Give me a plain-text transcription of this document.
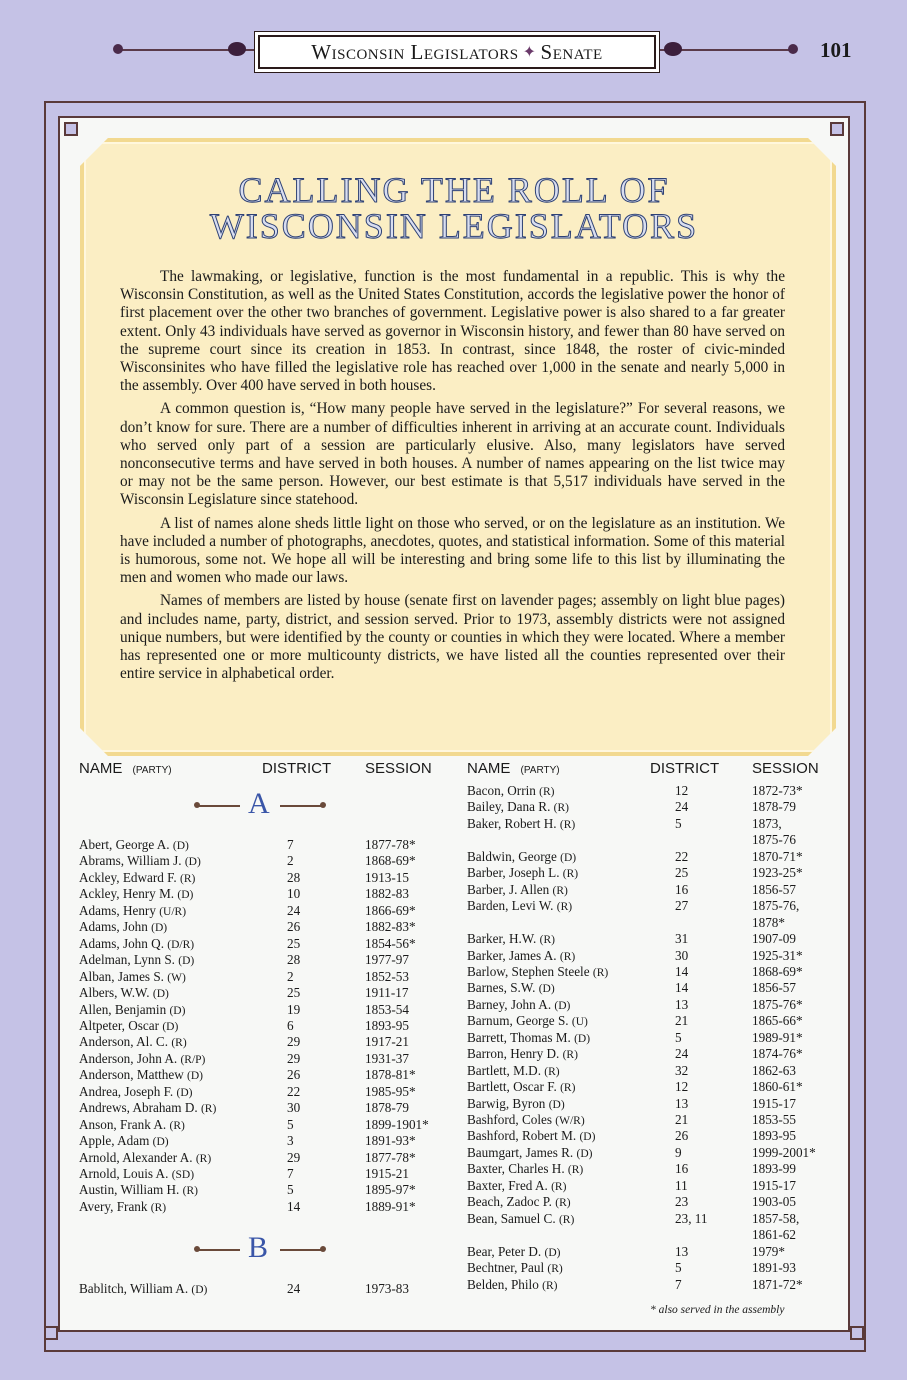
Wisconsin Legislators ✦ Senate	101
CALLING THE ROLL OF
WISCONSIN LEGISLATORS

The lawmaking, or legislative, function is the most fundamental in a republic. This is why the Wisconsin Constitution, as well as the United States Constitution, accords the legislative power the honor of first placement over the other two branches of government. Legislative power is also shared to a far greater extent. Only 43 individuals have served as governor in Wisconsin history, and fewer than 80 have served on the supreme court since its creation in 1853. In contrast, since 1848, the roster of civic-minded Wisconsinites who have filled the legislative role has reached over 1,000 in the senate and nearly 5,000 in the assembly. Over 400 have served in both houses.

A common question is, “How many people have served in the legislature?” For several reasons, we don’t know for sure. There are a number of difficulties inherent in arriving at an accurate count. Individuals who served only part of a session are particularly elusive. Also, many legislators have served nonconsecutive terms and have served in both houses. A number of names appearing on the list twice may or may not be the same person. However, our best estimate is that 5,517 individuals have served in the Wisconsin Legislature since statehood.

A list of names alone sheds little light on those who served, or on the legislature as an institution. We have included a number of photographs, anecdotes, quotes, and statistical information. Some of this material is humorous, some not. We hope all will be interesting and bring some life to this list by illuminating the men and women who made our laws.

Names of members are listed by house (senate first on lavender pages; assembly on light blue pages) and includes name, party, district, and session served. Prior to 1973, assembly districts were not assigned unique numbers, but were identified by the county or counties in which they were located. Where a member has represented one or more multicounty districts, we have listed all the counties represented over their entire service in alphabetical order.

NAME (PARTY)	DISTRICT SESSION NAME (PARTY)	DISTRICT SESSION
A
B
Abert, George A. (D)	7	1877-78*
Abrams, William J. (D)	2	1868-69*
Ackley, Edward F. (R)	28	1913-15
Ackley, Henry M. (D)	10	1882-83
Adams, Henry (U/R)	24	1866-69*
Adams, John (D)	26	1882-83*
Adams, John Q. (D/R)	25	1854-56*
Adelman, Lynn S. (D)	28	1977-97
Alban, James S. (W)	2	1852-53
Albers, W.W. (D)	25	1911-17
Allen, Benjamin (D)	19	1853-54
Altpeter, Oscar (D)	6	1893-95
Anderson, Al. C. (R)	29	1917-21
Anderson, John A. (R/P)	29	1931-37
Anderson, Matthew (D)	26	1878-81*
Andrea, Joseph F. (D)	22	1985-95*
Andrews, Abraham D. (R)	30	1878-79
Anson, Frank A. (R)	5	1899-1901*
Apple, Adam (D)	3	1891-93*
Arnold, Alexander A. (R)	29	1877-78*
Arnold, Louis A. (SD)	7	1915-21
Austin, William H. (R)	5	1895-97*
Avery, Frank (R)	14	1889-91*
Bablitch, William A. (D)	24	1973-83
Bacon, Orrin (R)	12	1872-73*
Bailey, Dana R. (R)	24	1878-79
Baker, Robert H. (R)	5	1873,
1875-76
Baldwin, George (D)	22	1870-71*
Barber, Joseph L. (R)	25	1923-25*
Barber, J. Allen (R)	16	1856-57
Barden, Levi W. (R)	27	1875-76,
1878*
Barker, H.W. (R)	31	1907-09
Barker, James A. (R)	30	1925-31*
Barlow, Stephen Steele (R)	14	1868-69*
Barnes, S.W. (D)	14	1856-57
Barney, John A. (D)	13	1875-76*
Barnum, George S. (U)	21	1865-66*
Barrett, Thomas M. (D)	5	1989-91*
Barron, Henry D. (R)	24	1874-76*
Bartlett, M.D. (R)	32	1862-63
Bartlett, Oscar F. (R)	12	1860-61*
Barwig, Byron (D)	13	1915-17
Bashford, Coles (W/R)	21	1853-55
Bashford, Robert M. (D)	26	1893-95
Baumgart, James R. (D)	9	1999-2001*
Baxter, Charles H. (R)	16	1893-99
Baxter, Fred A. (R)	11	1915-17
Beach, Zadoc P. (R)	23	1903-05
Bean, Samuel C. (R)	23, 11	1857-58,
1861-62
Bear, Peter D. (D)	13	1979*
Bechtner, Paul (R)	5	1891-93
Belden, Philo (R)	7	1871-72*
* also served in the assembly
